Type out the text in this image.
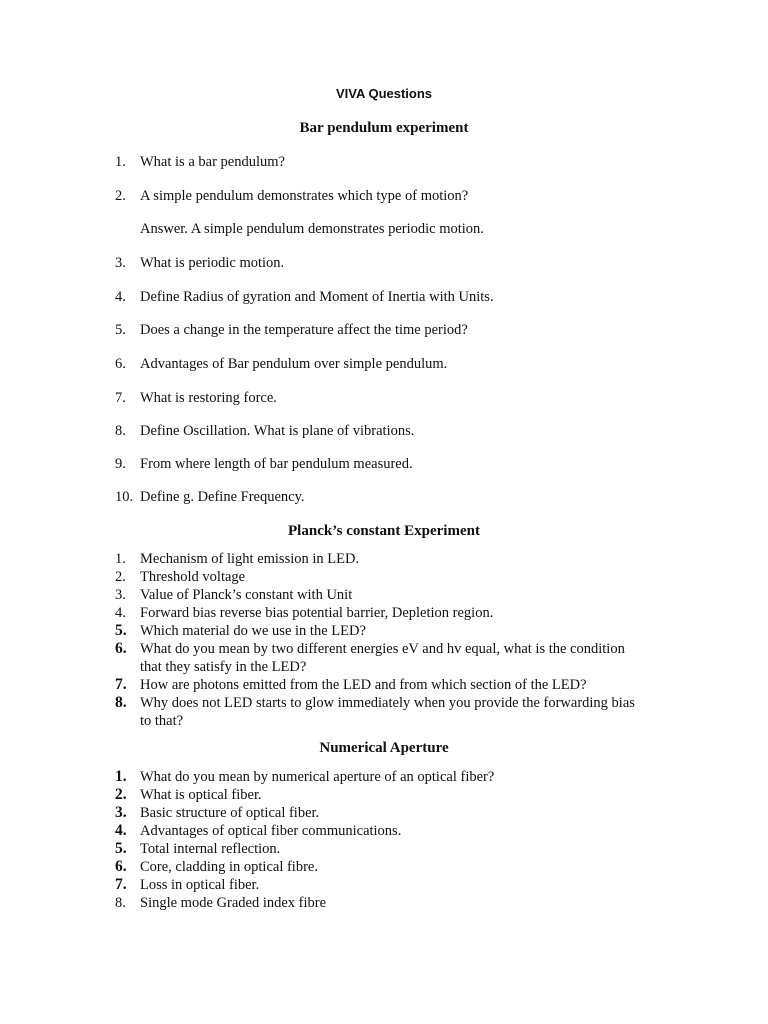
VIVA Questions
Bar pendulum experiment
1. What is a bar pendulum?
2. A simple pendulum demonstrates which type of motion?
Answer. A simple pendulum demonstrates periodic motion.
3. What is periodic motion.
4. Define Radius of gyration and Moment of Inertia with Units.
5. Does a change in the temperature affect the time period?
6. Advantages of Bar pendulum over simple pendulum.
7. What is restoring force.
8. Define Oscillation. What is plane of vibrations.
9. From where length of bar pendulum measured.
10. Define g. Define Frequency.
Planck’s constant Experiment
1. Mechanism of light emission in LED.
2. Threshold voltage
3. Value of Planck’s constant with Unit
4. Forward bias reverse bias potential barrier, Depletion region.
5. Which material do we use in the LED?
6. What do you mean by two different energies eV and hv equal, what is the condition
that they satisfy in the LED?
7. How are photons emitted from the LED and from which section of the LED?
8. Why does not LED starts to glow immediately when you provide the forwarding bias
to that?
Numerical Aperture
1. What do you mean by numerical aperture of an optical fiber?
2. What is optical fiber.
3. Basic structure of optical fiber.
4. Advantages of optical fiber communications.
5. Total internal reflection.
6. Core, cladding in optical fibre.
7. Loss in optical fiber.
8. Single mode Graded index fibre
